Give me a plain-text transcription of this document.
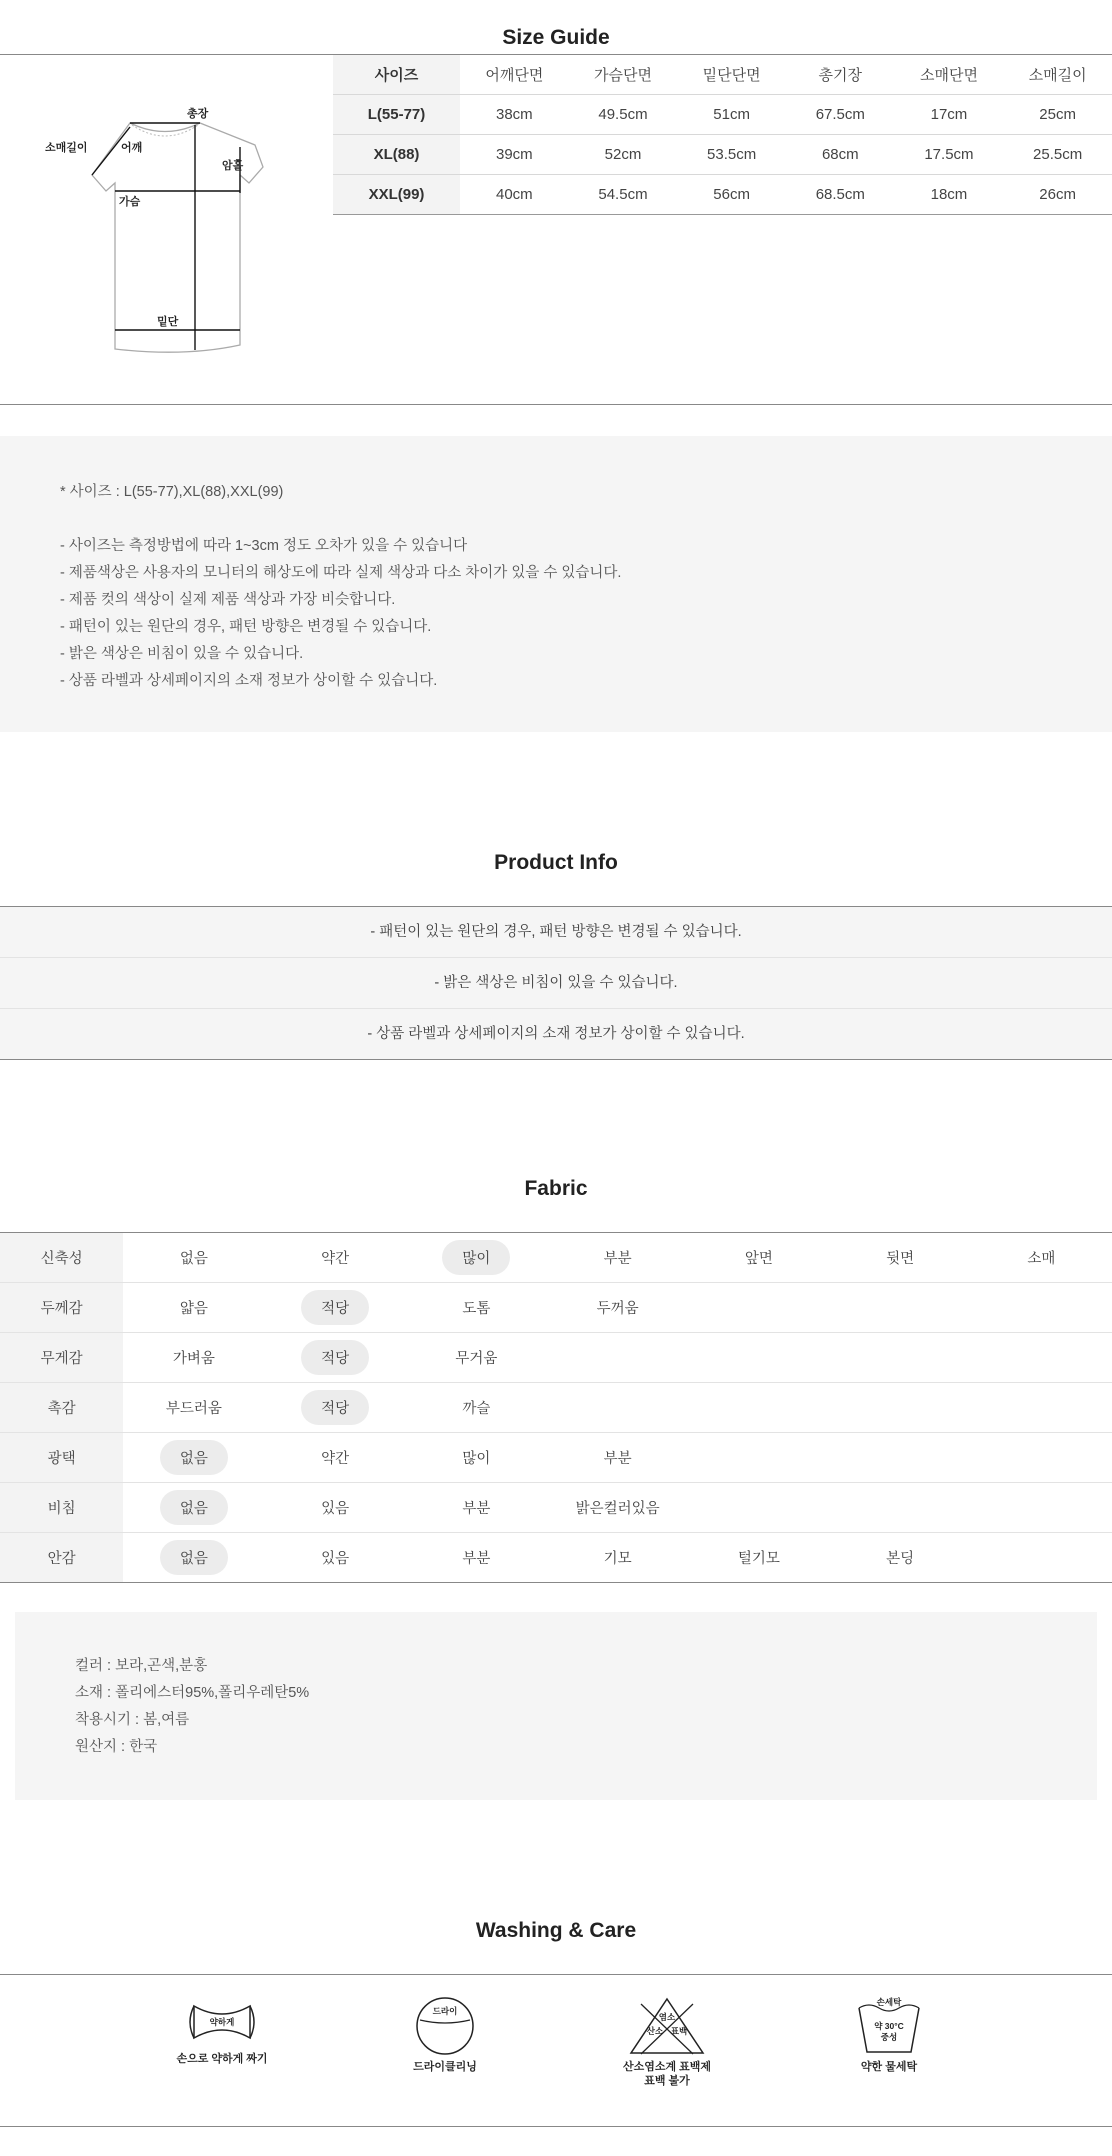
Size Guide
총장
소매길이	어깨
암홀
가슴
밑단
사이즈	어깨단면	가슴단면	밑단단면	총기장	소매단면	소매길이
L(55-77)	38cm	49.5cm	51cm	67.5cm	17cm	25cm
XL(88)	39cm	52cm	53.5cm	68cm	17.5cm	25.5cm
XXL(99)	40cm	54.5cm	56cm	68.5cm	18cm	26cm
* 사이즈 : L(55-77),XL(88),XXL(99)
- 사이즈는 측정방법에 따라 1~3cm 정도 오차가 있을 수 있습니다
- 제품색상은 사용자의 모니터의 해상도에 따라 실제 색상과 다소 차이가 있을 수 있습니다.
- 제품 컷의 색상이 실제 제품 색상과 가장 비슷합니다.
- 패턴이 있는 원단의 경우, 패턴 방향은 변경될 수 있습니다.
- 밝은 색상은 비침이 있을 수 있습니다.
- 상품 라벨과 상세페이지의 소재 정보가 상이할 수 있습니다.
Product Info
- 패턴이 있는 원단의 경우, 패턴 방향은 변경될 수 있습니다.
- 밝은 색상은 비침이 있을 수 있습니다.
- 상품 라벨과 상세페이지의 소재 정보가 상이할 수 있습니다.
Fabric
신축성	없음	약간	많이	부분	앞면	뒷면	소매
두께감	얇음	적당	도톰	두꺼움			
무게감	가벼움	적당	무거움				
촉감	부드러움	적당	까슬				
광택	없음	약간	많이	부분			
비침	없음	있음	부분	밝은컬러있음			
안감	없음	있음	부분	기모	털기모	본딩	
컬러 : 보라,곤색,분홍
소재 : 폴리에스터95%,폴리우레탄5%
착용시기 : 봄,여름
원산지 : 한국
Washing & Care
약하게
손으로 약하게 짜기
드라이
드라이클리닝
염소
산소 표백
산소염소계 표백제
표백 불가
손세탁
약 30°C
중성
약한 물세탁
